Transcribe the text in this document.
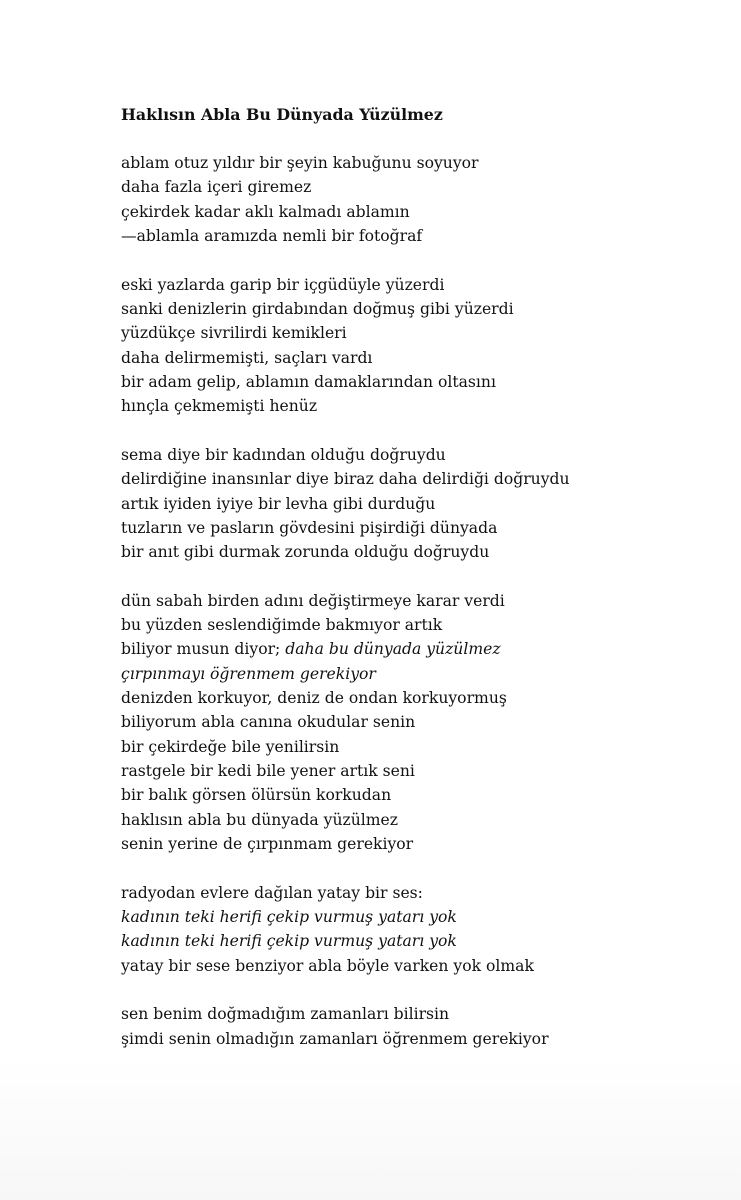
Haklısın Abla Bu Dünyada Yüzülmez
ablam otuz yıldır bir şeyin kabuğunu soyuyor
daha fazla içeri giremez
çekirdek kadar aklı kalmadı ablamın
—ablamla aramızda nemli bir fotoğraf
eski yazlarda garip bir içgüdüyle yüzerdi
sanki denizlerin girdabından doğmuş gibi yüzerdi
yüzdükçe sivrilirdi kemikleri
daha delirmemişti, saçları vardı
bir adam gelip, ablamın damaklarından oltasını
hınçla çekmemişti henüz
sema diye bir kadından olduğu doğruydu
delirdiğine inansınlar diye biraz daha delirdiği doğruydu
artık iyiden iyiye bir levha gibi durduğu
tuzların ve pasların gövdesini pişirdiği dünyada
bir anıt gibi durmak zorunda olduğu doğruydu
dün sabah birden adını değiştirmeye karar verdi
bu yüzden seslendiğimde bakmıyor artık
biliyor musun diyor; daha bu dünyada yüzülmez
çırpınmayı öğrenmem gerekiyor
denizden korkuyor, deniz de ondan korkuyormuş
biliyorum abla canına okudular senin
bir çekirdeğe bile yenilirsin
rastgele bir kedi bile yener artık seni
bir balık görsen ölürsün korkudan
haklısın abla bu dünyada yüzülmez
senin yerine de çırpınmam gerekiyor
radyodan evlere dağılan yatay bir ses:
kadının teki herifi çekip vurmuş yatarı yok
kadının teki herifi çekip vurmuş yatarı yok
yatay bir sese benziyor abla böyle varken yok olmak
sen benim doğmadığım zamanları bilirsin
şimdi senin olmadığın zamanları öğrenmem gerekiyor
